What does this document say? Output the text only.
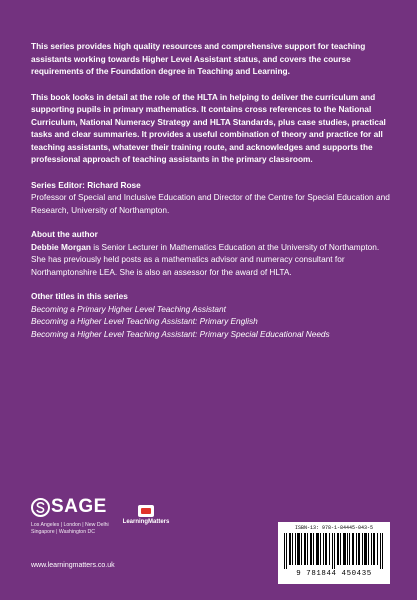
This series provides high quality resources and comprehensive support for teaching assistants working towards Higher Level Assistant status, and covers the course requirements of the Foundation degree in Teaching and Learning.

This book looks in detail at the role of the HLTA in helping to deliver the curriculum and supporting pupils in primary mathematics. It contains cross references to the National Curriculum, National Numeracy Strategy and HLTA Standards, plus case studies, practical tasks and clear summaries. It provides a useful combination of theory and practice for all teaching assistants, whatever their training route, and acknowledges and supports the professional approach of teaching assistants in the primary classroom.

Series Editor: Richard Rose

Professor of Special and Inclusive Education and Director of the Centre for Special Education and Research, University of Northampton.

About the author

Debbie Morgan is Senior Lecturer in Mathematics Education at the University of Northampton. She has previously held posts as a mathematics advisor and numeracy consultant for Northamptonshire LEA. She is also an assessor for the award of HLTA.

Other titles in this series

Becoming a Primary Higher Level Teaching Assistant

Becoming a Higher Level Teaching Assistant: Primary English

Becoming a Higher Level Teaching Assistant: Primary Special Educational Needs

SAGE
Los Angeles | London | New Delhi
Singapore | Washington DC
LearningMatters
www.learningmatters.co.uk
ISBN-13: 978-1-84445-043-5
9 781844 450435
